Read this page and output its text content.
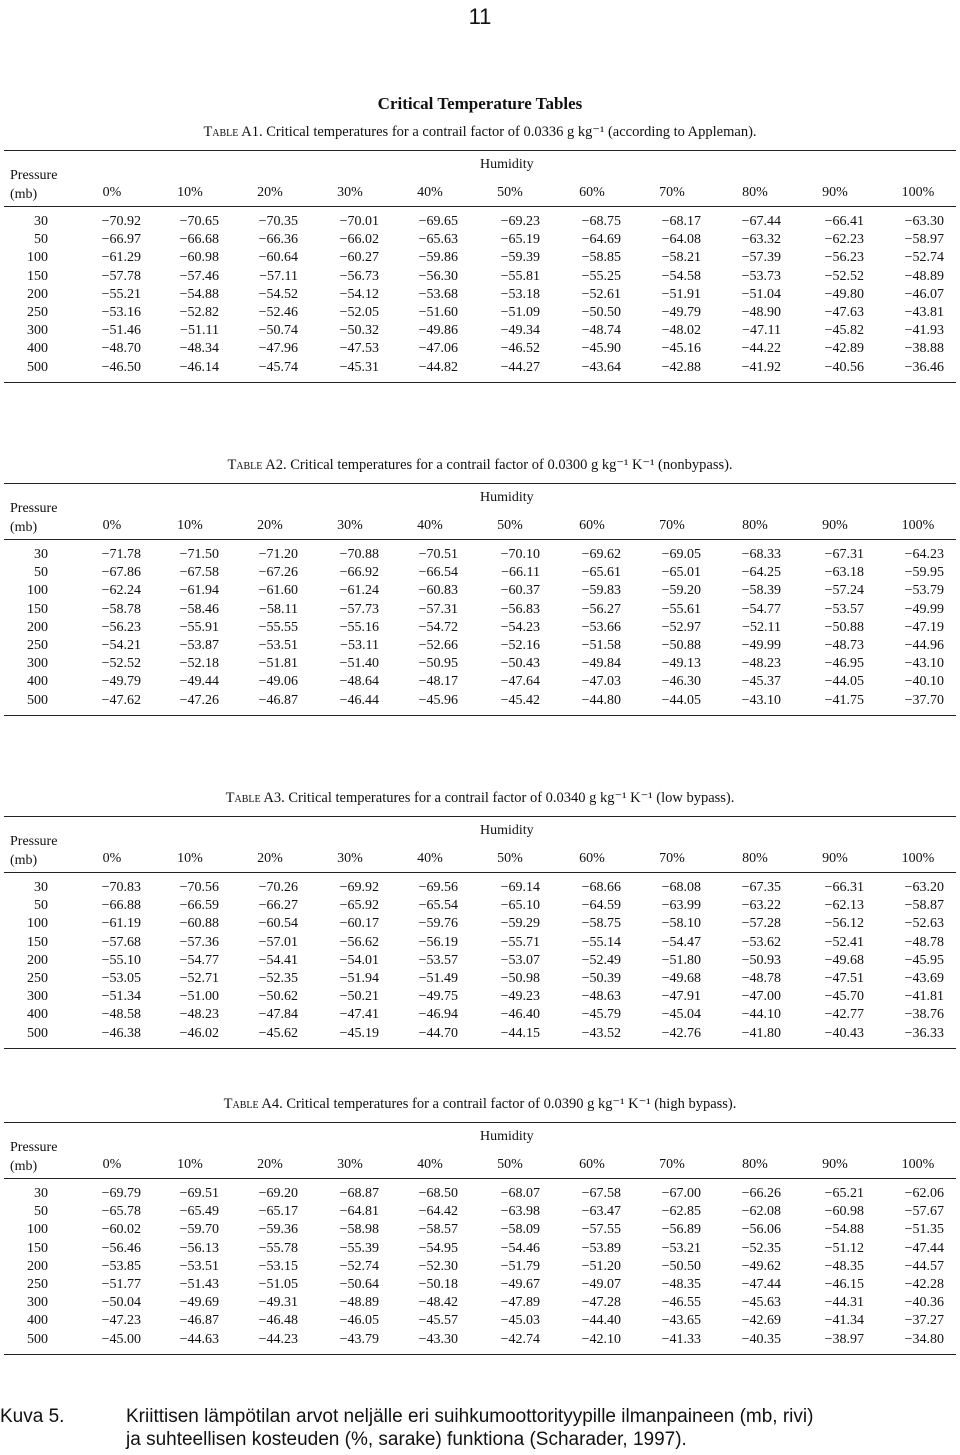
11
Critical Temperature Tables
Table A1. Critical temperatures for a contrail factor of 0.0336 g kg⁻¹ (according to Appleman).
Pressure
(mb)
Humidity
0%	10%	20%	30%	40%	50%	60%	70%	80%	90%	100%
30	−70.92	−70.65	−70.35	−70.01	−69.65	−69.23	−68.75	−68.17	−67.44	−66.41	−63.30
50	−66.97	−66.68	−66.36	−66.02	−65.63	−65.19	−64.69	−64.08	−63.32	−62.23	−58.97
100	−61.29	−60.98	−60.64	−60.27	−59.86	−59.39	−58.85	−58.21	−57.39	−56.23	−52.74
150	−57.78	−57.46	−57.11	−56.73	−56.30	−55.81	−55.25	−54.58	−53.73	−52.52	−48.89
200	−55.21	−54.88	−54.52	−54.12	−53.68	−53.18	−52.61	−51.91	−51.04	−49.80	−46.07
250	−53.16	−52.82	−52.46	−52.05	−51.60	−51.09	−50.50	−49.79	−48.90	−47.63	−43.81
300	−51.46	−51.11	−50.74	−50.32	−49.86	−49.34	−48.74	−48.02	−47.11	−45.82	−41.93
400	−48.70	−48.34	−47.96	−47.53	−47.06	−46.52	−45.90	−45.16	−44.22	−42.89	−38.88
500	−46.50	−46.14	−45.74	−45.31	−44.82	−44.27	−43.64	−42.88	−41.92	−40.56	−36.46
Table A2. Critical temperatures for a contrail factor of 0.0300 g kg⁻¹ K⁻¹ (nonbypass).
Pressure
(mb)
Humidity
0%	10%	20%	30%	40%	50%	60%	70%	80%	90%	100%
30	−71.78	−71.50	−71.20	−70.88	−70.51	−70.10	−69.62	−69.05	−68.33	−67.31	−64.23
50	−67.86	−67.58	−67.26	−66.92	−66.54	−66.11	−65.61	−65.01	−64.25	−63.18	−59.95
100	−62.24	−61.94	−61.60	−61.24	−60.83	−60.37	−59.83	−59.20	−58.39	−57.24	−53.79
150	−58.78	−58.46	−58.11	−57.73	−57.31	−56.83	−56.27	−55.61	−54.77	−53.57	−49.99
200	−56.23	−55.91	−55.55	−55.16	−54.72	−54.23	−53.66	−52.97	−52.11	−50.88	−47.19
250	−54.21	−53.87	−53.51	−53.11	−52.66	−52.16	−51.58	−50.88	−49.99	−48.73	−44.96
300	−52.52	−52.18	−51.81	−51.40	−50.95	−50.43	−49.84	−49.13	−48.23	−46.95	−43.10
400	−49.79	−49.44	−49.06	−48.64	−48.17	−47.64	−47.03	−46.30	−45.37	−44.05	−40.10
500	−47.62	−47.26	−46.87	−46.44	−45.96	−45.42	−44.80	−44.05	−43.10	−41.75	−37.70
Table A3. Critical temperatures for a contrail factor of 0.0340 g kg⁻¹ K⁻¹ (low bypass).
Pressure
(mb)
Humidity
0%	10%	20%	30%	40%	50%	60%	70%	80%	90%	100%
30	−70.83	−70.56	−70.26	−69.92	−69.56	−69.14	−68.66	−68.08	−67.35	−66.31	−63.20
50	−66.88	−66.59	−66.27	−65.92	−65.54	−65.10	−64.59	−63.99	−63.22	−62.13	−58.87
100	−61.19	−60.88	−60.54	−60.17	−59.76	−59.29	−58.75	−58.10	−57.28	−56.12	−52.63
150	−57.68	−57.36	−57.01	−56.62	−56.19	−55.71	−55.14	−54.47	−53.62	−52.41	−48.78
200	−55.10	−54.77	−54.41	−54.01	−53.57	−53.07	−52.49	−51.80	−50.93	−49.68	−45.95
250	−53.05	−52.71	−52.35	−51.94	−51.49	−50.98	−50.39	−49.68	−48.78	−47.51	−43.69
300	−51.34	−51.00	−50.62	−50.21	−49.75	−49.23	−48.63	−47.91	−47.00	−45.70	−41.81
400	−48.58	−48.23	−47.84	−47.41	−46.94	−46.40	−45.79	−45.04	−44.10	−42.77	−38.76
500	−46.38	−46.02	−45.62	−45.19	−44.70	−44.15	−43.52	−42.76	−41.80	−40.43	−36.33
Table A4. Critical temperatures for a contrail factor of 0.0390 g kg⁻¹ K⁻¹ (high bypass).
Pressure
(mb)
Humidity
0%	10%	20%	30%	40%	50%	60%	70%	80%	90%	100%
30	−69.79	−69.51	−69.20	−68.87	−68.50	−68.07	−67.58	−67.00	−66.26	−65.21	−62.06
50	−65.78	−65.49	−65.17	−64.81	−64.42	−63.98	−63.47	−62.85	−62.08	−60.98	−57.67
100	−60.02	−59.70	−59.36	−58.98	−58.57	−58.09	−57.55	−56.89	−56.06	−54.88	−51.35
150	−56.46	−56.13	−55.78	−55.39	−54.95	−54.46	−53.89	−53.21	−52.35	−51.12	−47.44
200	−53.85	−53.51	−53.15	−52.74	−52.30	−51.79	−51.20	−50.50	−49.62	−48.35	−44.57
250	−51.77	−51.43	−51.05	−50.64	−50.18	−49.67	−49.07	−48.35	−47.44	−46.15	−42.28
300	−50.04	−49.69	−49.31	−48.89	−48.42	−47.89	−47.28	−46.55	−45.63	−44.31	−40.36
400	−47.23	−46.87	−46.48	−46.05	−45.57	−45.03	−44.40	−43.65	−42.69	−41.34	−37.27
500	−45.00	−44.63	−44.23	−43.79	−43.30	−42.74	−42.10	−41.33	−40.35	−38.97	−34.80
Kuva 5.	Kriittisen lämpötilan arvot neljälle eri suihkumoottorityypille ilmanpaineen (mb, rivi)
ja suhteellisen kosteuden (%, sarake) funktiona (Scharader, 1997).
